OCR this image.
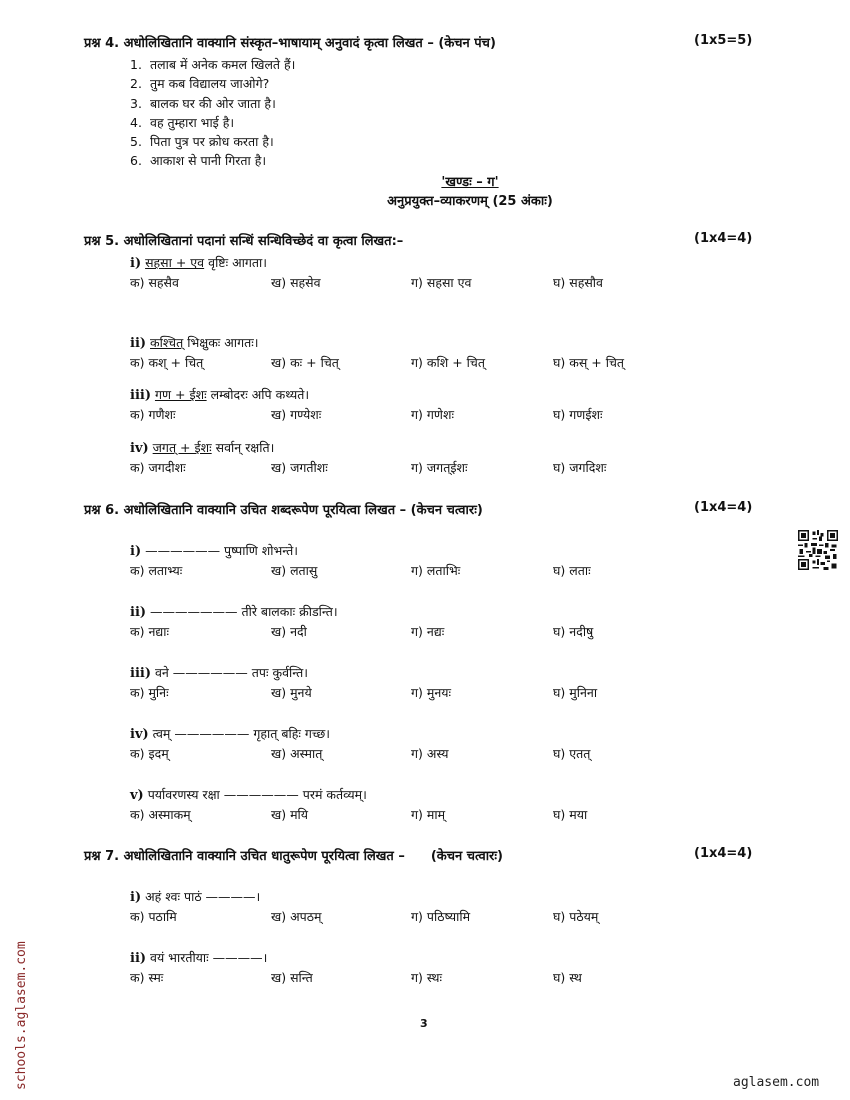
प्रश्न 4. अधोलिखितानि वाक्यानि संस्कृत–भाषायाम् अनुवादं कृत्वा लिखत – (केचन पंच)	(1x5=5)
1. तलाब में अनेक कमल खिलते हैं।
2. तुम कब विद्यालय जाओगे?
3. बालक घर की ओर जाता है।
4. वह तुम्हारा भाई है।
5. पिता पुत्र पर क्रोध करता है।
6. आकाश से पानी गिरता है।
'खण्डः – ग'
अनुप्रयुक्त–व्याकरणम् (25 अंकाः)
प्रश्न 5. अधोलिखितानां पदानां सन्धिं सन्धिविच्छेदं वा कृत्वा लिखत:–	(1x4=4)
i) सहसा + एव वृष्टिः आगता।
क) सहसैव	ख) सहसेव	ग) सहसा एव	घ) सहसौव
ii) कश्चित् भिक्षुकः आगतः।
क) कश् + चित्	ख) कः + चित्	ग) कशि + चित्	घ) कस् + चित्
iii) गण + ईशः लम्बोदरः अपि कथ्यते।
क) गणैशः	ख) गण्येशः	ग) गणेशः	घ) गणईशः
iv) जगत् + ईशः सर्वान् रक्षति।
क) जगदीशः	ख) जगतीशः	ग) जगत्ईशः	घ) जगदिशः
प्रश्न 6. अधोलिखितानि वाक्यानि उचित शब्दरूपेण पूरयित्वा लिखत – (केचन चत्वारः)	(1x4=4)
i) —————— पुष्पाणि शोभन्ते।
क) लताभ्यः	ख) लतासु	ग) लताभिः	घ) लताः
ii) ——————— तीरे बालकाः क्रीडन्ति।
क) नद्याः	ख) नदी	ग) नद्यः	घ) नदीषु
iii) वने —————— तपः कुर्वन्ति।
क) मुनिः	ख) मुनये	ग) मुनयः	घ) मुनिना
iv) त्वम् —————— गृहात् बहिः गच्छ।
क) इदम्	ख) अस्मात्	ग) अस्य	घ) एतत्
v) पर्यावरणस्य रक्षा —————— परमं कर्तव्यम्।
क) अस्माकम्	ख) मयि	ग) माम्	घ) मया
प्रश्न 7. अधोलिखितानि वाक्यानि उचित धातुरूपेण पूरयित्वा लिखत – (केचन चत्वारः)	(1x4=4)
i) अहं श्वः पाठं ————।
क) पठामि	ख) अपठम्	ग) पठिष्यामि	घ) पठेयम्
ii) वयं भारतीयाः ————।
क) स्मः	ख) सन्ति	ग) स्थः	घ) स्थ
schools.aglasem.com	3
aglasem.com
